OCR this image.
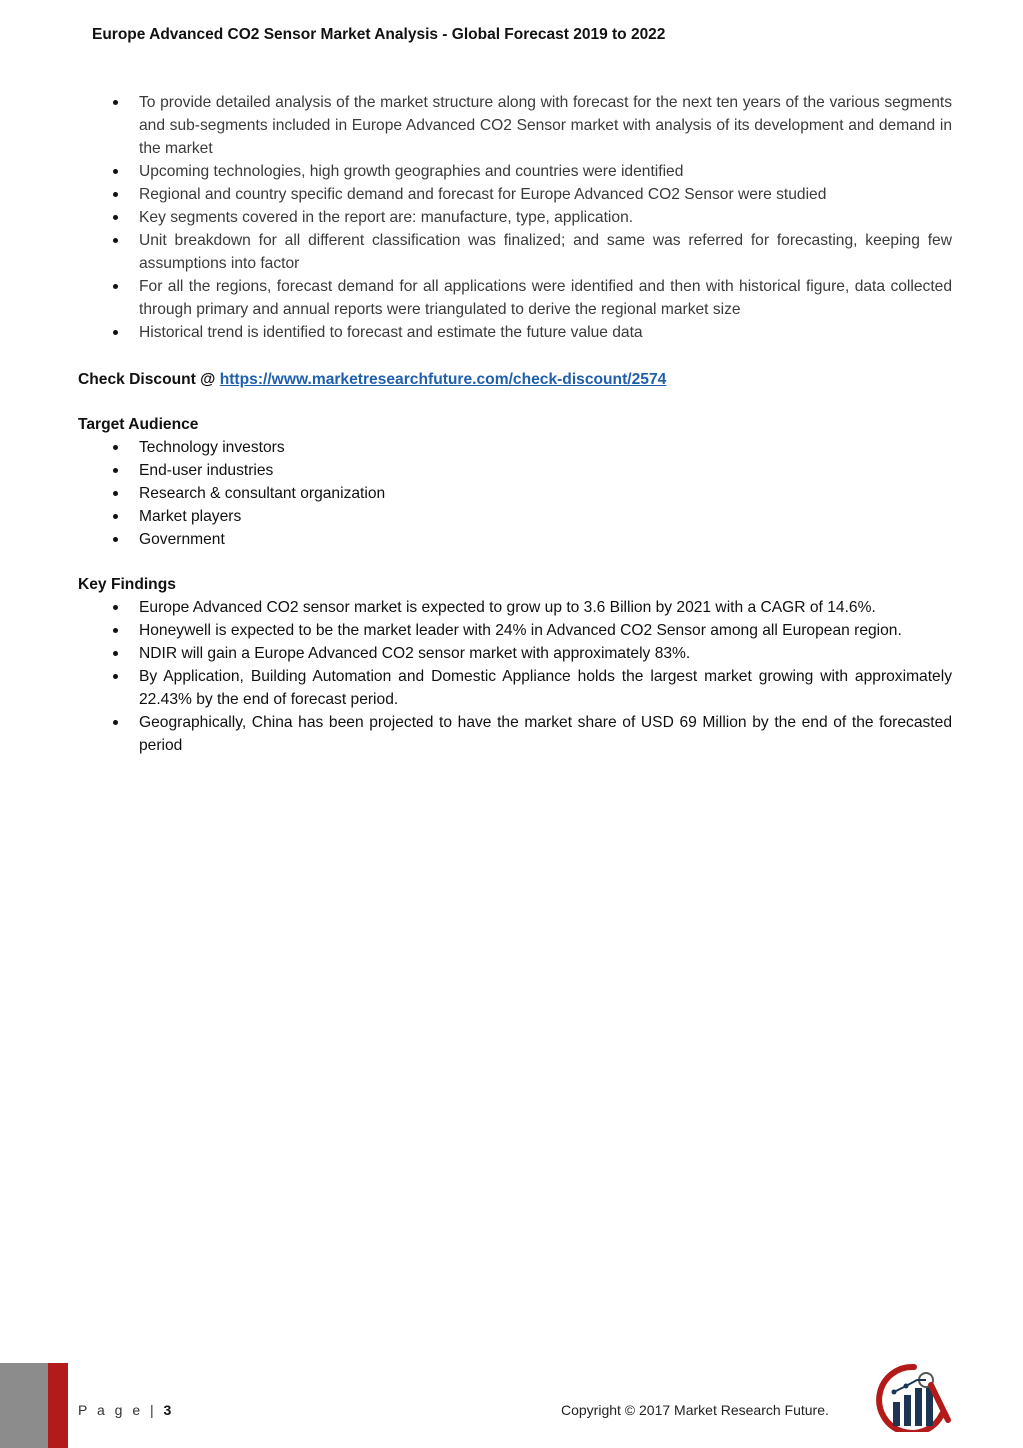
Europe Advanced CO2 Sensor Market Analysis - Global Forecast 2019 to 2022
To provide detailed analysis of the market structure along with forecast for the next ten years of the various segments and sub-segments included in Europe Advanced CO2 Sensor market with analysis of its development and demand in the market
Upcoming technologies, high growth geographies and countries were identified
Regional and country specific demand and forecast for Europe Advanced CO2 Sensor were studied
Key segments covered in the report are: manufacture, type, application.
Unit breakdown for all different classification was finalized; and same was referred for forecasting, keeping few assumptions into factor
For all the regions, forecast demand for all applications were identified and then with historical figure, data collected through primary and annual reports were triangulated to derive the regional market size
Historical trend is identified to forecast and estimate the future value data
Check Discount @ https://www.marketresearchfuture.com/check-discount/2574
Target Audience
Technology investors
End-user industries
Research & consultant organization
Market players
Government
Key Findings
Europe Advanced CO2 sensor market is expected to grow up to 3.6 Billion by 2021 with a CAGR of 14.6%.
Honeywell is expected to be the market leader with 24% in Advanced CO2 Sensor among all European region.
NDIR will gain a Europe Advanced CO2 sensor market with approximately 83%.
By Application, Building Automation and Domestic Appliance holds the largest market growing with approximately 22.43% by the end of forecast period.
Geographically, China has been projected to have the market share of USD 69 Million by the end of the forecasted period
P a g e | 3	Copyright © 2017 Market Research Future.
